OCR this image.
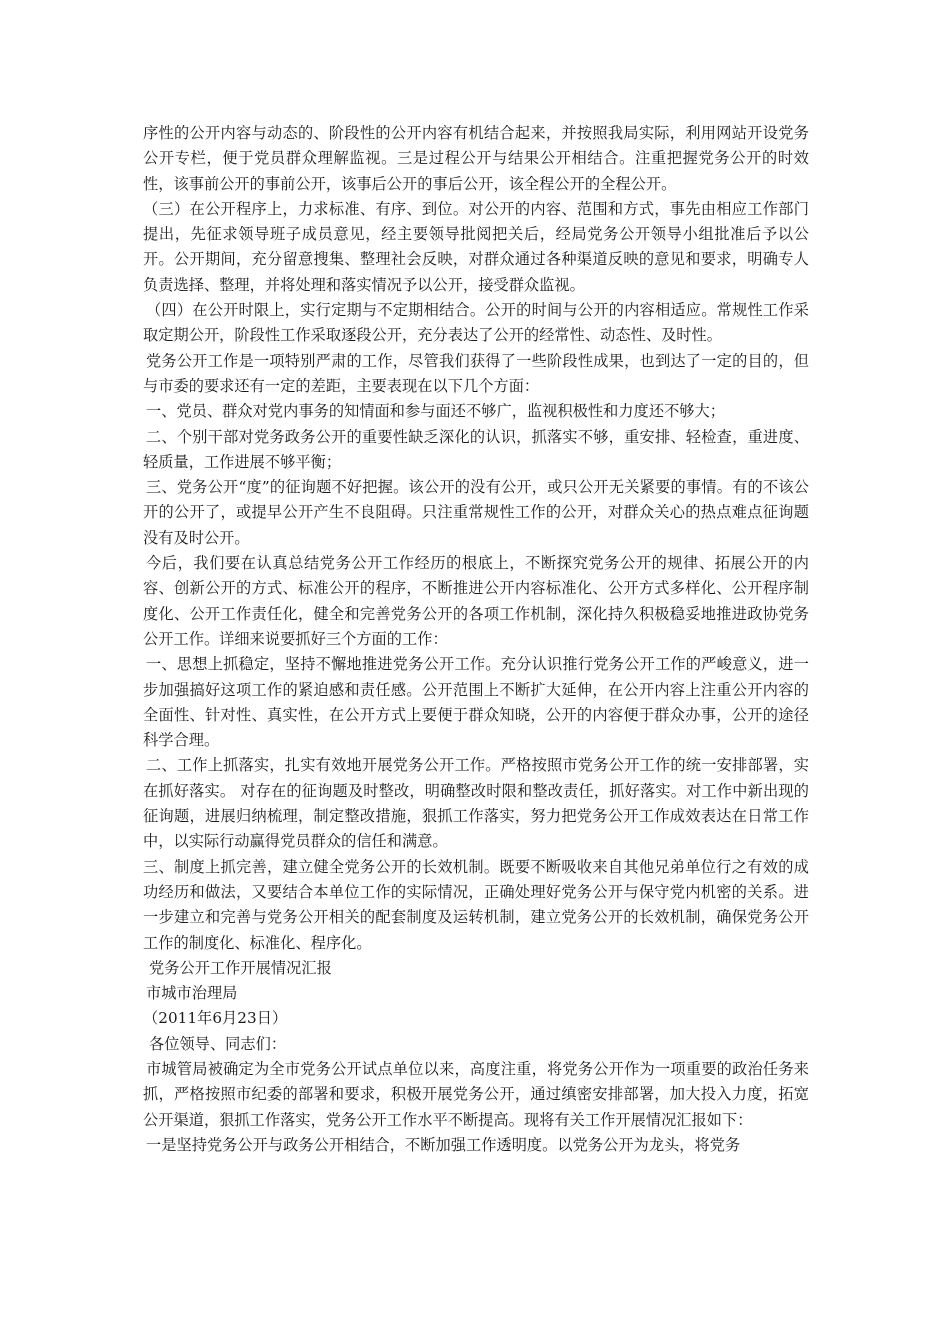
序性的公开内容与动态的、阶段性的公开内容有机结合起来，并按照我局实际，利用网站开设党务公开专栏，便于党员群众理解监视。三是过程公开与结果公开相结合。注重把握党务公开的时效性，该事前公开的事前公开，该事后公开的事后公开，该全程公开的全程公开。

（三）在公开程序上，力求标准、有序、到位。对公开的内容、范围和方式，事先由相应工作部门提出，先征求领导班子成员意见，经主要领导批阅把关后，经局党务公开领导小组批准后予以公开。公开期间，充分留意搜集、整理社会反映，对群众通过各种渠道反映的意见和要求，明确专人负责选择、整理，并将处理和落实情况予以公开，接受群众监视。

（四）在公开时限上，实行定期与不定期相结合。公开的时间与公开的内容相适应。常规性工作采取定期公开，阶段性工作采取逐段公开，充分表达了公开的经常性、动态性、及时性。

党务公开工作是一项特别严肃的工作，尽管我们获得了一些阶段性成果，也到达了一定的目的，但与市委的要求还有一定的差距，主要表现在以下几个方面：

一、党员、群众对党内事务的知情面和参与面还不够广，监视积极性和力度还不够大；

二、个别干部对党务政务公开的重要性缺乏深化的认识，抓落实不够，重安排、轻检查，重进度、轻质量，工作进展不够平衡；

三、党务公开“度”的征询题不好把握。该公开的没有公开，或只公开无关紧要的事情。有的不该公开的公开了，或提早公开产生不良阻碍。只注重常规性工作的公开，对群众关心的热点难点征询题没有及时公开。

今后，我们要在认真总结党务公开工作经历的根底上，不断探究党务公开的规律、拓展公开的内容、创新公开的方式、标准公开的程序，不断推进公开内容标准化、公开方式多样化、公开程序制度化、公开工作责任化，健全和完善党务公开的各项工作机制，深化持久积极稳妥地推进政协党务公开工作。详细来说要抓好三个方面的工作：

一、思想上抓稳定，坚持不懈地推进党务公开工作。充分认识推行党务公开工作的严峻意义，进一步加强搞好这项工作的紧迫感和责任感。公开范围上不断扩大延伸，在公开内容上注重公开内容的全面性、针对性、真实性，在公开方式上要便于群众知晓，公开的内容便于群众办事，公开的途径科学合理。

二、工作上抓落实，扎实有效地开展党务公开工作。严格按照市党务公开工作的统一安排部署，实在抓好落实。 对存在的征询题及时整改，明确整改时限和整改责任，抓好落实。对工作中新出现的征询题，进展归纳梳理，制定整改措施，狠抓工作落实，努力把党务公开工作成效表达在日常工作中，以实际行动赢得党员群众的信任和满意。

三、制度上抓完善，建立健全党务公开的长效机制。既要不断吸收来自其他兄弟单位行之有效的成功经历和做法，又要结合本单位工作的实际情况，正确处理好党务公开与保守党内机密的关系。进一步建立和完善与党务公开相关的配套制度及运转机制，建立党务公开的长效机制，确保党务公开工作的制度化、标准化、程序化。

党务公开工作开展情况汇报

市城市治理局

（2011年6月23日）

各位领导、同志们：

市城管局被确定为全市党务公开试点单位以来，高度注重，将党务公开作为一项重要的政治任务来抓，严格按照市纪委的部署和要求，积极开展党务公开，通过缜密安排部署，加大投入力度，拓宽公开渠道，狠抓工作落实，党务公开工作水平不断提高。现将有关工作开展情况汇报如下：

一是坚持党务公开与政务公开相结合，不断加强工作透明度。以党务公开为龙头，将党务
